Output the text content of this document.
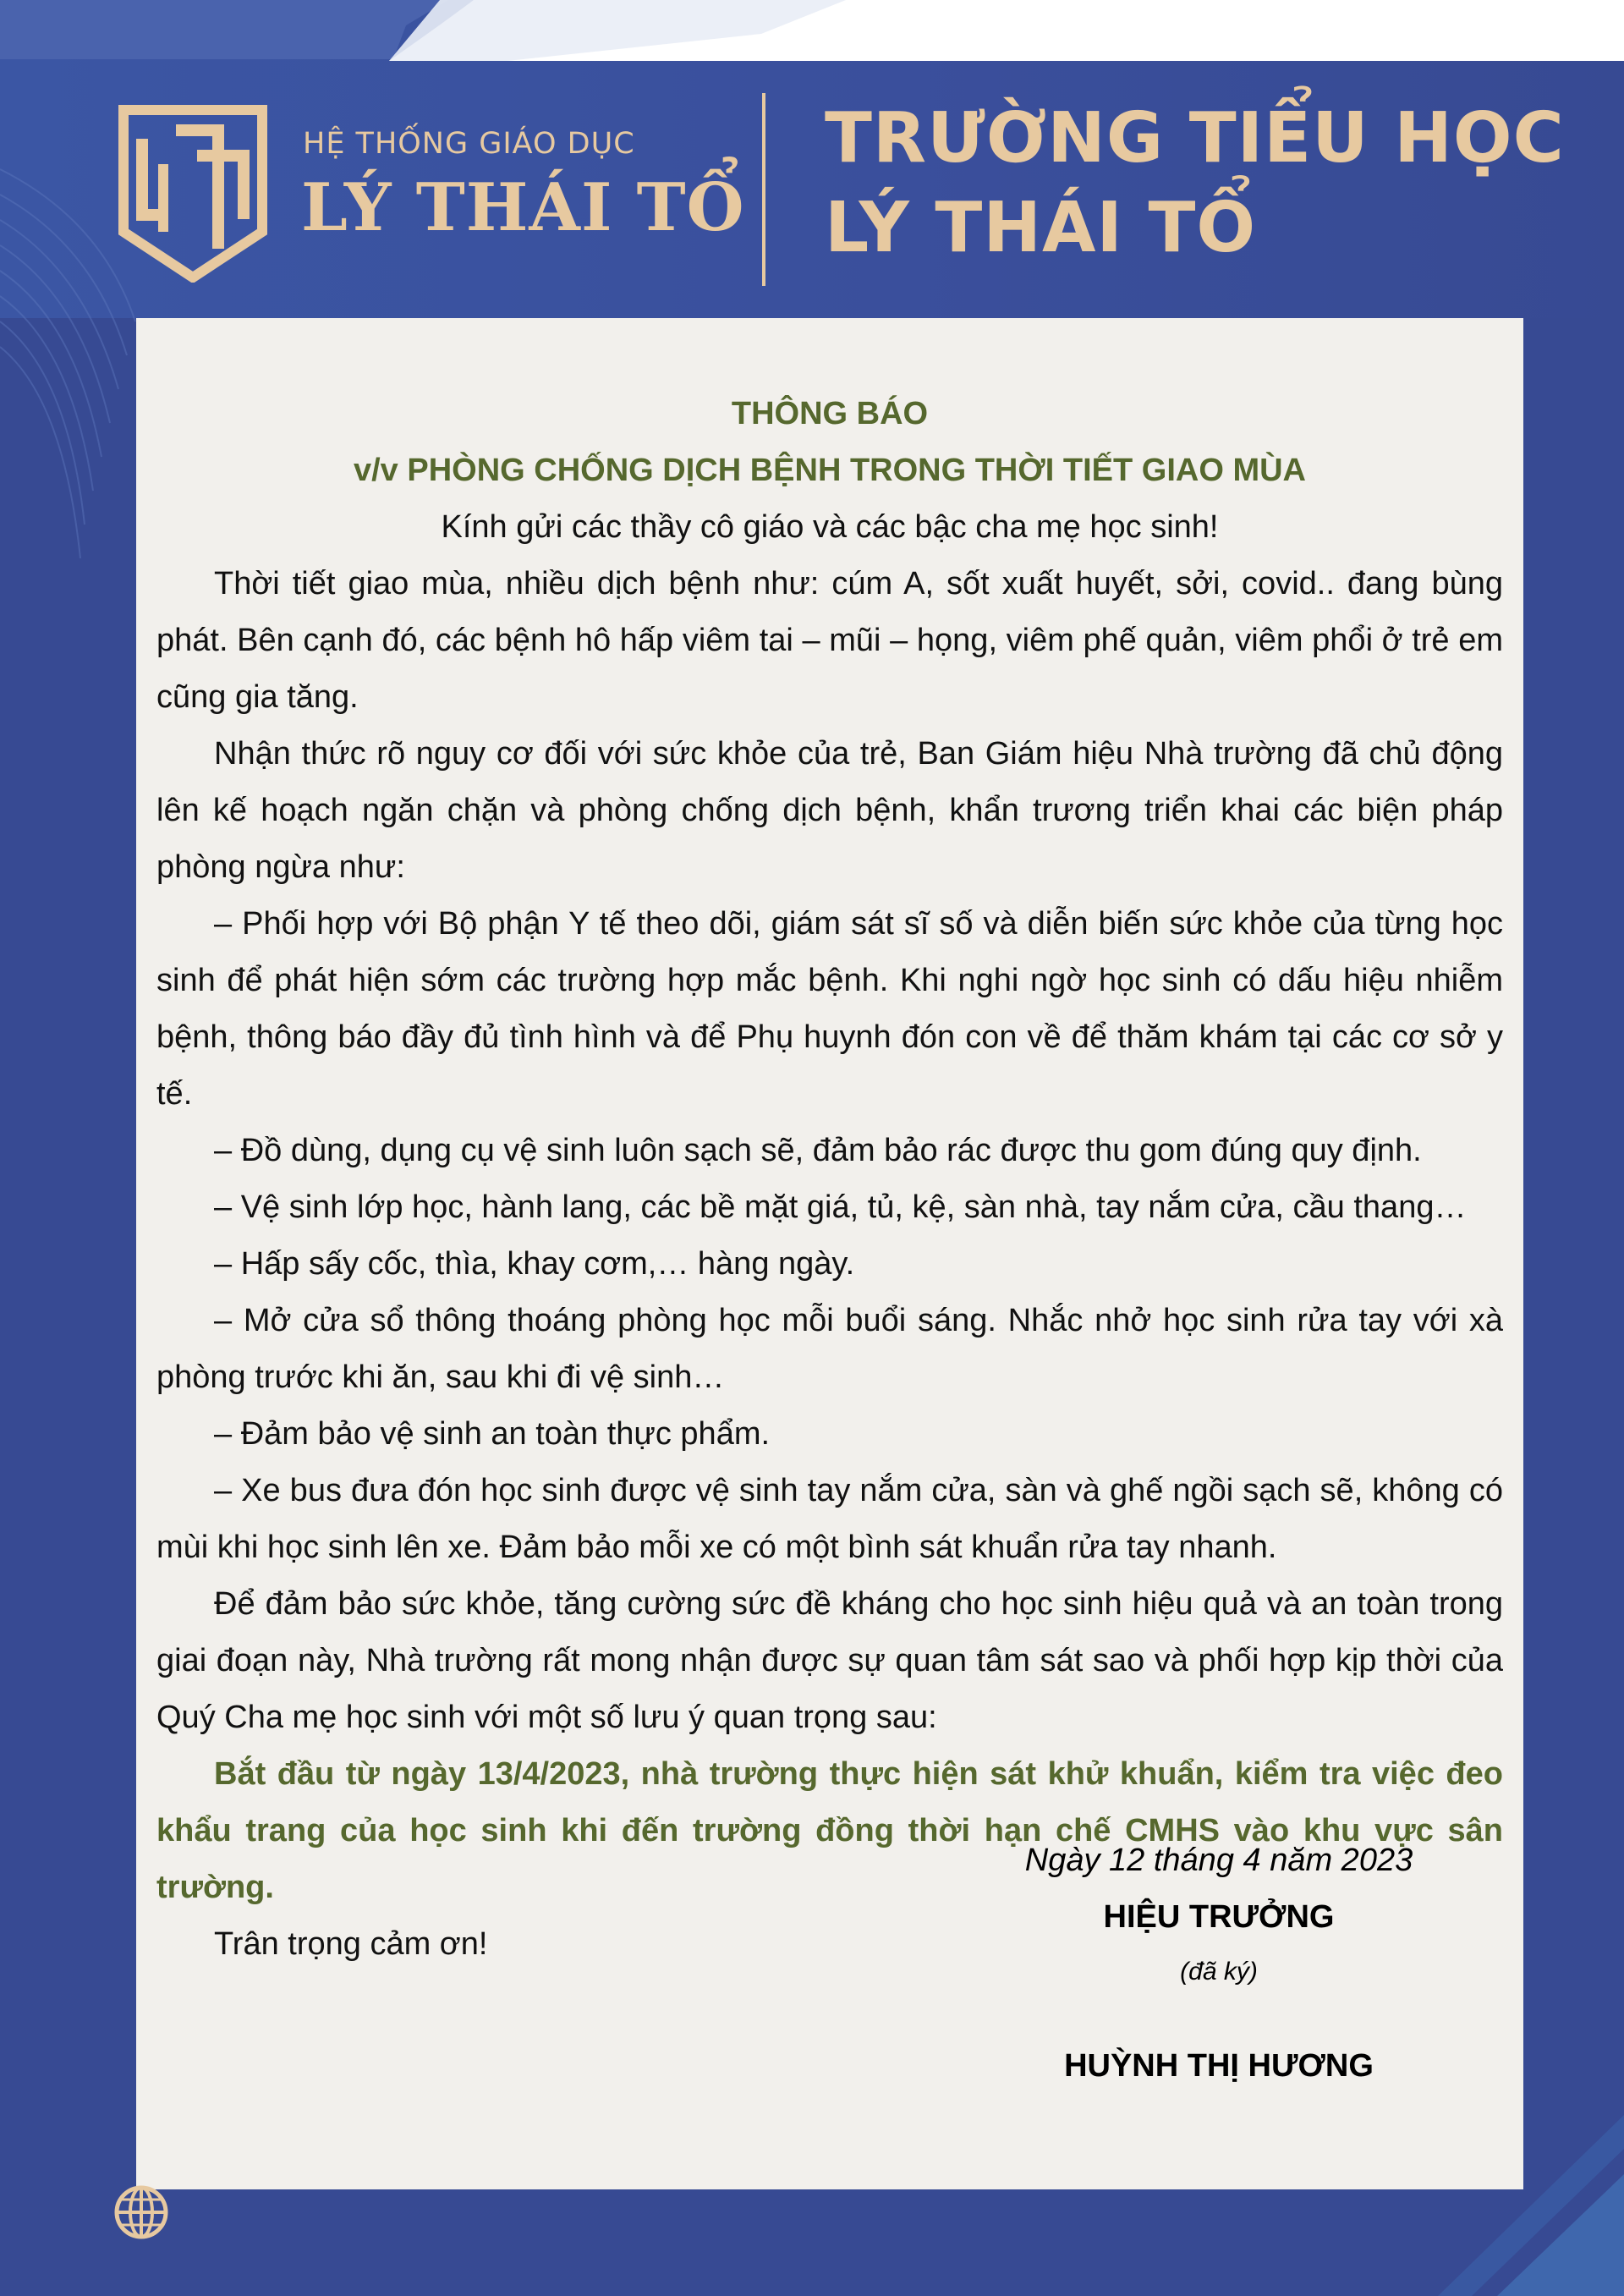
HỆ THỐNG GIÁO DỤC
LÝ THÁI TỔ
TRƯỜNG TIỂU HỌC
LÝ THÁI TỔ
THÔNG BÁO
v/v PHÒNG CHỐNG DỊCH BỆNH TRONG THỜI TIẾT GIAO MÙA
Kính gửi các thầy cô giáo và các bậc cha mẹ học sinh!

Thời tiết giao mùa, nhiều dịch bệnh như: cúm A, sốt xuất huyết, sởi, covid.. đang bùng phát. Bên cạnh đó, các bệnh hô hấp viêm tai – mũi – họng, viêm phế quản, viêm phổi ở trẻ em cũng gia tăng.

Nhận thức rõ nguy cơ đối với sức khỏe của trẻ, Ban Giám hiệu Nhà trường đã chủ động lên kế hoạch ngăn chặn và phòng chống dịch bệnh, khẩn trương triển khai các biện pháp phòng ngừa như:

– Phối hợp với Bộ phận Y tế theo dõi, giám sát sĩ số và diễn biến sức khỏe của từng học sinh để phát hiện sớm các trường hợp mắc bệnh. Khi nghi ngờ học sinh có dấu hiệu nhiễm bệnh, thông báo đầy đủ tình hình và để Phụ huynh đón con về để thăm khám tại các cơ sở y tế.

– Đồ dùng, dụng cụ vệ sinh luôn sạch sẽ, đảm bảo rác được thu gom đúng quy định.

– Vệ sinh lớp học, hành lang, các bề mặt giá, tủ, kệ, sàn nhà, tay nắm cửa, cầu thang…

– Hấp sấy cốc, thìa, khay cơm,… hàng ngày.

– Mở cửa sổ thông thoáng phòng học mỗi buổi sáng. Nhắc nhở học sinh rửa tay với xà phòng trước khi ăn, sau khi đi vệ sinh…

– Đảm bảo vệ sinh an toàn thực phẩm.

– Xe bus đưa đón học sinh được vệ sinh tay nắm cửa, sàn và ghế ngồi sạch sẽ, không có mùi khi học sinh lên xe. Đảm bảo mỗi xe có một bình sát khuẩn rửa tay nhanh.

Để đảm bảo sức khỏe, tăng cường sức đề kháng cho học sinh hiệu quả và an toàn trong giai đoạn này, Nhà trường rất mong nhận được sự quan tâm sát sao và phối hợp kịp thời của Quý Cha mẹ học sinh với một số lưu ý quan trọng sau:

Bắt đầu từ ngày 13/4/2023, nhà trường thực hiện sát khử khuẩn, kiểm tra việc đeo khẩu trang của học sinh khi đến trường đồng thời hạn chế CMHS vào khu vực sân trường.

Trân trọng cảm ơn!

Ngày 12 tháng 4 năm 2023
HIỆU TRƯỞNG
(đã ký)
HUỲNH THỊ HƯƠNG
